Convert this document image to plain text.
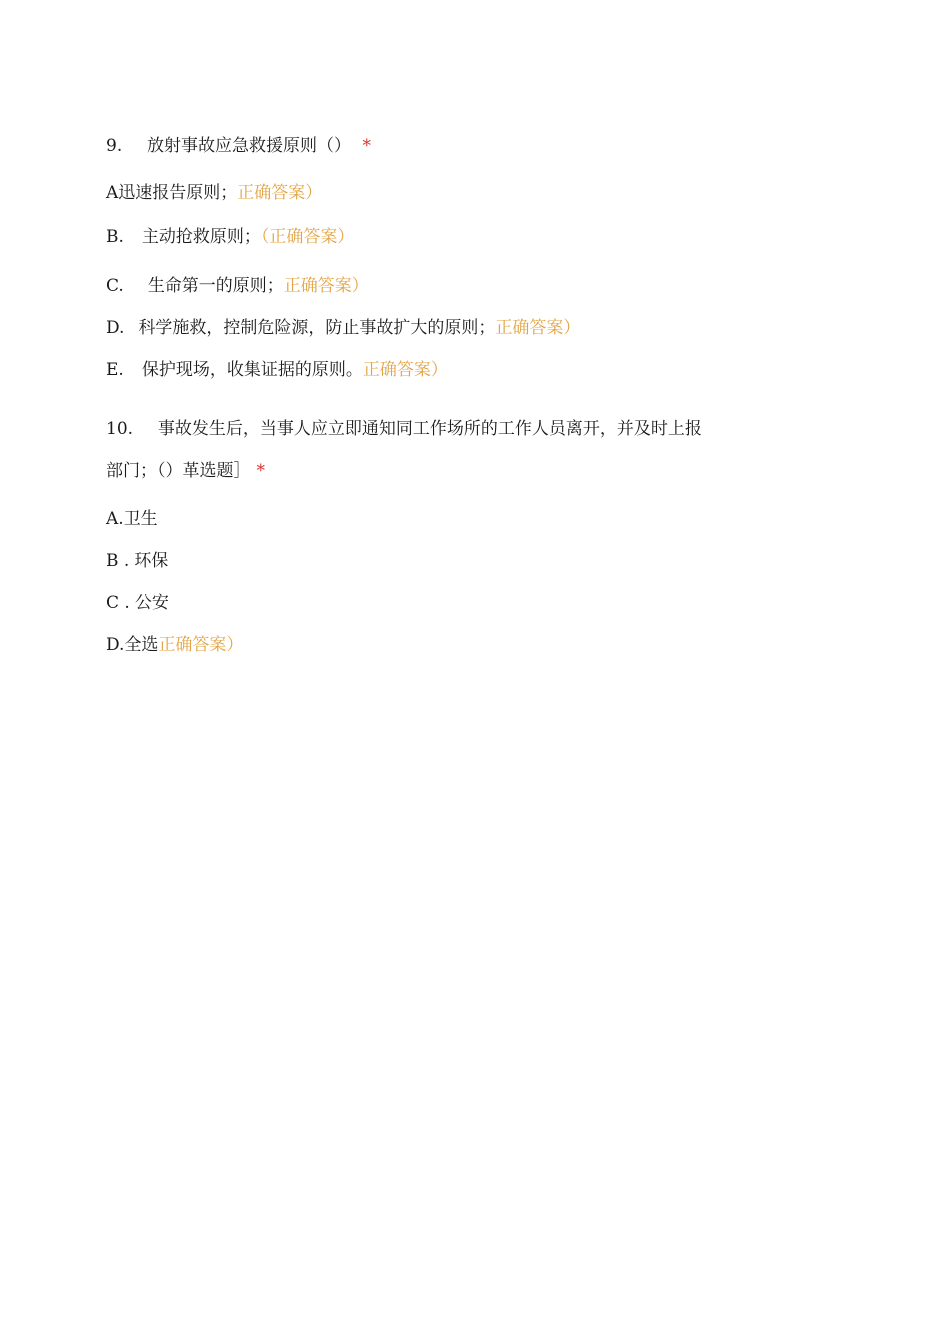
9. 放射事故应急救援原则（） *
A迅速报告原则；正确答案）
B. 主动抢救原则；（正确答案）
C. 生命第一的原则；正确答案）
D. 科学施救，控制危险源，防止事故扩大的原则；正确答案）
E. 保护现场，收集证据的原则。正确答案）
10. 事故发生后，当事人应立即通知同工作场所的工作人员离开，并及时上报
部门；（）革选题］ *
A.卫生
B . 环保
C . 公安
D.全选正确答案）
